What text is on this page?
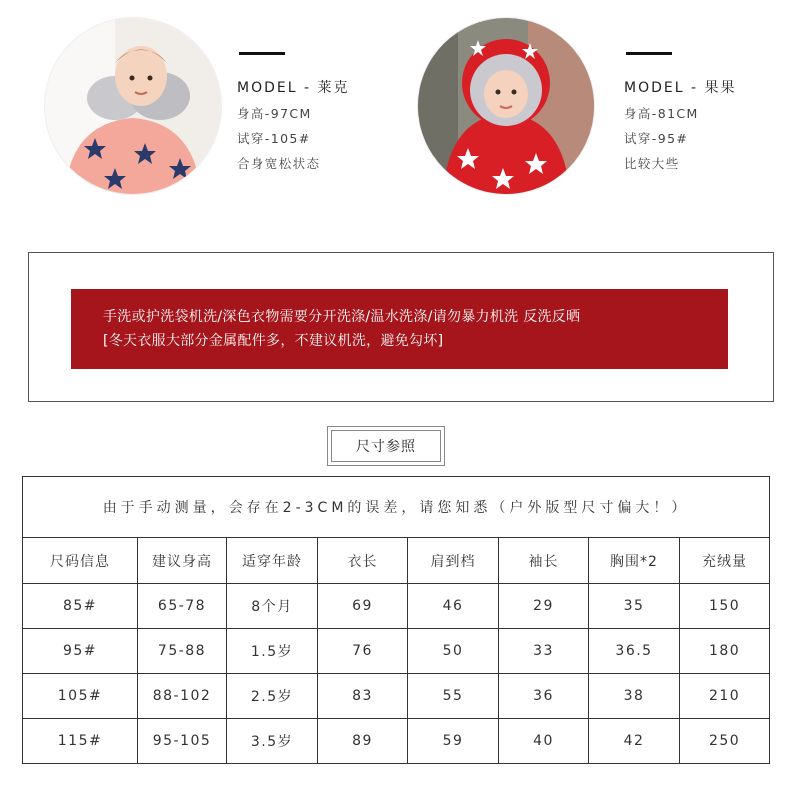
MODEL - 莱克
身高-97CM
试穿-105#
合身宽松状态
MODEL - 果果
身高-81CM
试穿-95#
比较大些
手洗或护洗袋机洗/深色衣物需要分开洗涤/温水洗涤/请勿暴力机洗 反洗反晒
[冬天衣服大部分金属配件多，不建议机洗，避免勾坏]
尺寸参照
由于手动测量，会存在2-3CM的误差，请您知悉（户外版型尺寸偏大！）							
尺码信息	建议身高	适穿年龄	衣长	肩到档	袖长	胸围*2	充绒量
85#	65-78	8个月	69	46	29	35	150
95#	75-88	1.5岁	76	50	33	36.5	180
105#	88-102	2.5岁	83	55	36	38	210
115#	95-105	3.5岁	89	59	40	42	250
